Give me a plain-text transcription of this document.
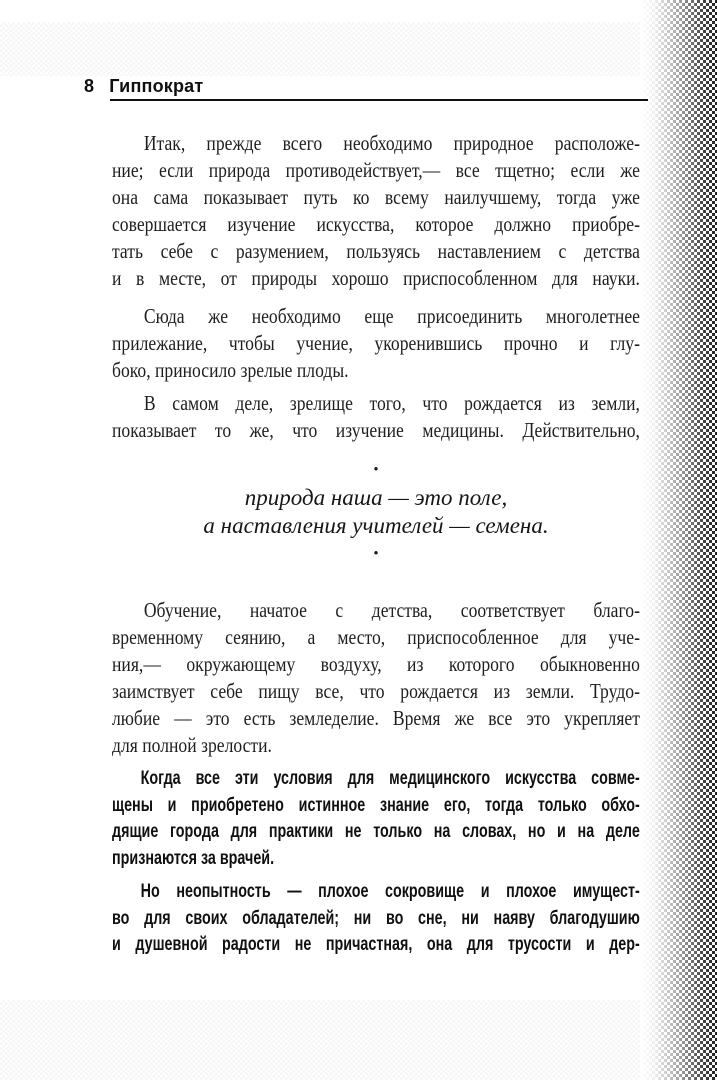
8 Гиппократ
Итак, прежде всего необходимо природное расположе-
ние; если природа противодействует,— все тщетно; если же
она сама показывает путь ко всему наилучшему, тогда уже
совершается изучение искусства, которое должно приобре-
тать себе с разумением, пользуясь наставлением с детства
и в месте, от природы хорошо приспособленном для науки.
Сюда же необходимо еще присоединить многолетнее
прилежание, чтобы учение, укоренившись прочно и глу-
боко, приносило зрелые плоды.
В самом деле, зрелище того, что рождается из земли,
показывает то же, что изучение медицины. Действительно,
•
природа наша — это поле,
а наставления учителей — семена.
•
Обучение, начатое с детства, соответствует благо-
временному сеянию, а место, приспособленное для уче-
ния,— окружающему воздуху, из которого обыкновенно
заимствует себе пищу все, что рождается из земли. Трудо-
любие — это есть земледелие. Время же все это укрепляет
для полной зрелости.
Когда все эти условия для медицинского искусства совме-
щены и приобретено истинное знание его, тогда только обхо-
дящие города для практики не только на словах, но и на деле
признаются за врачей.
Но неопытность — плохое сокровище и плохое имущест-
во для своих обладателей; ни во сне, ни наяву благодушию
и душевной радости не причастная, она для трусости и дер-
